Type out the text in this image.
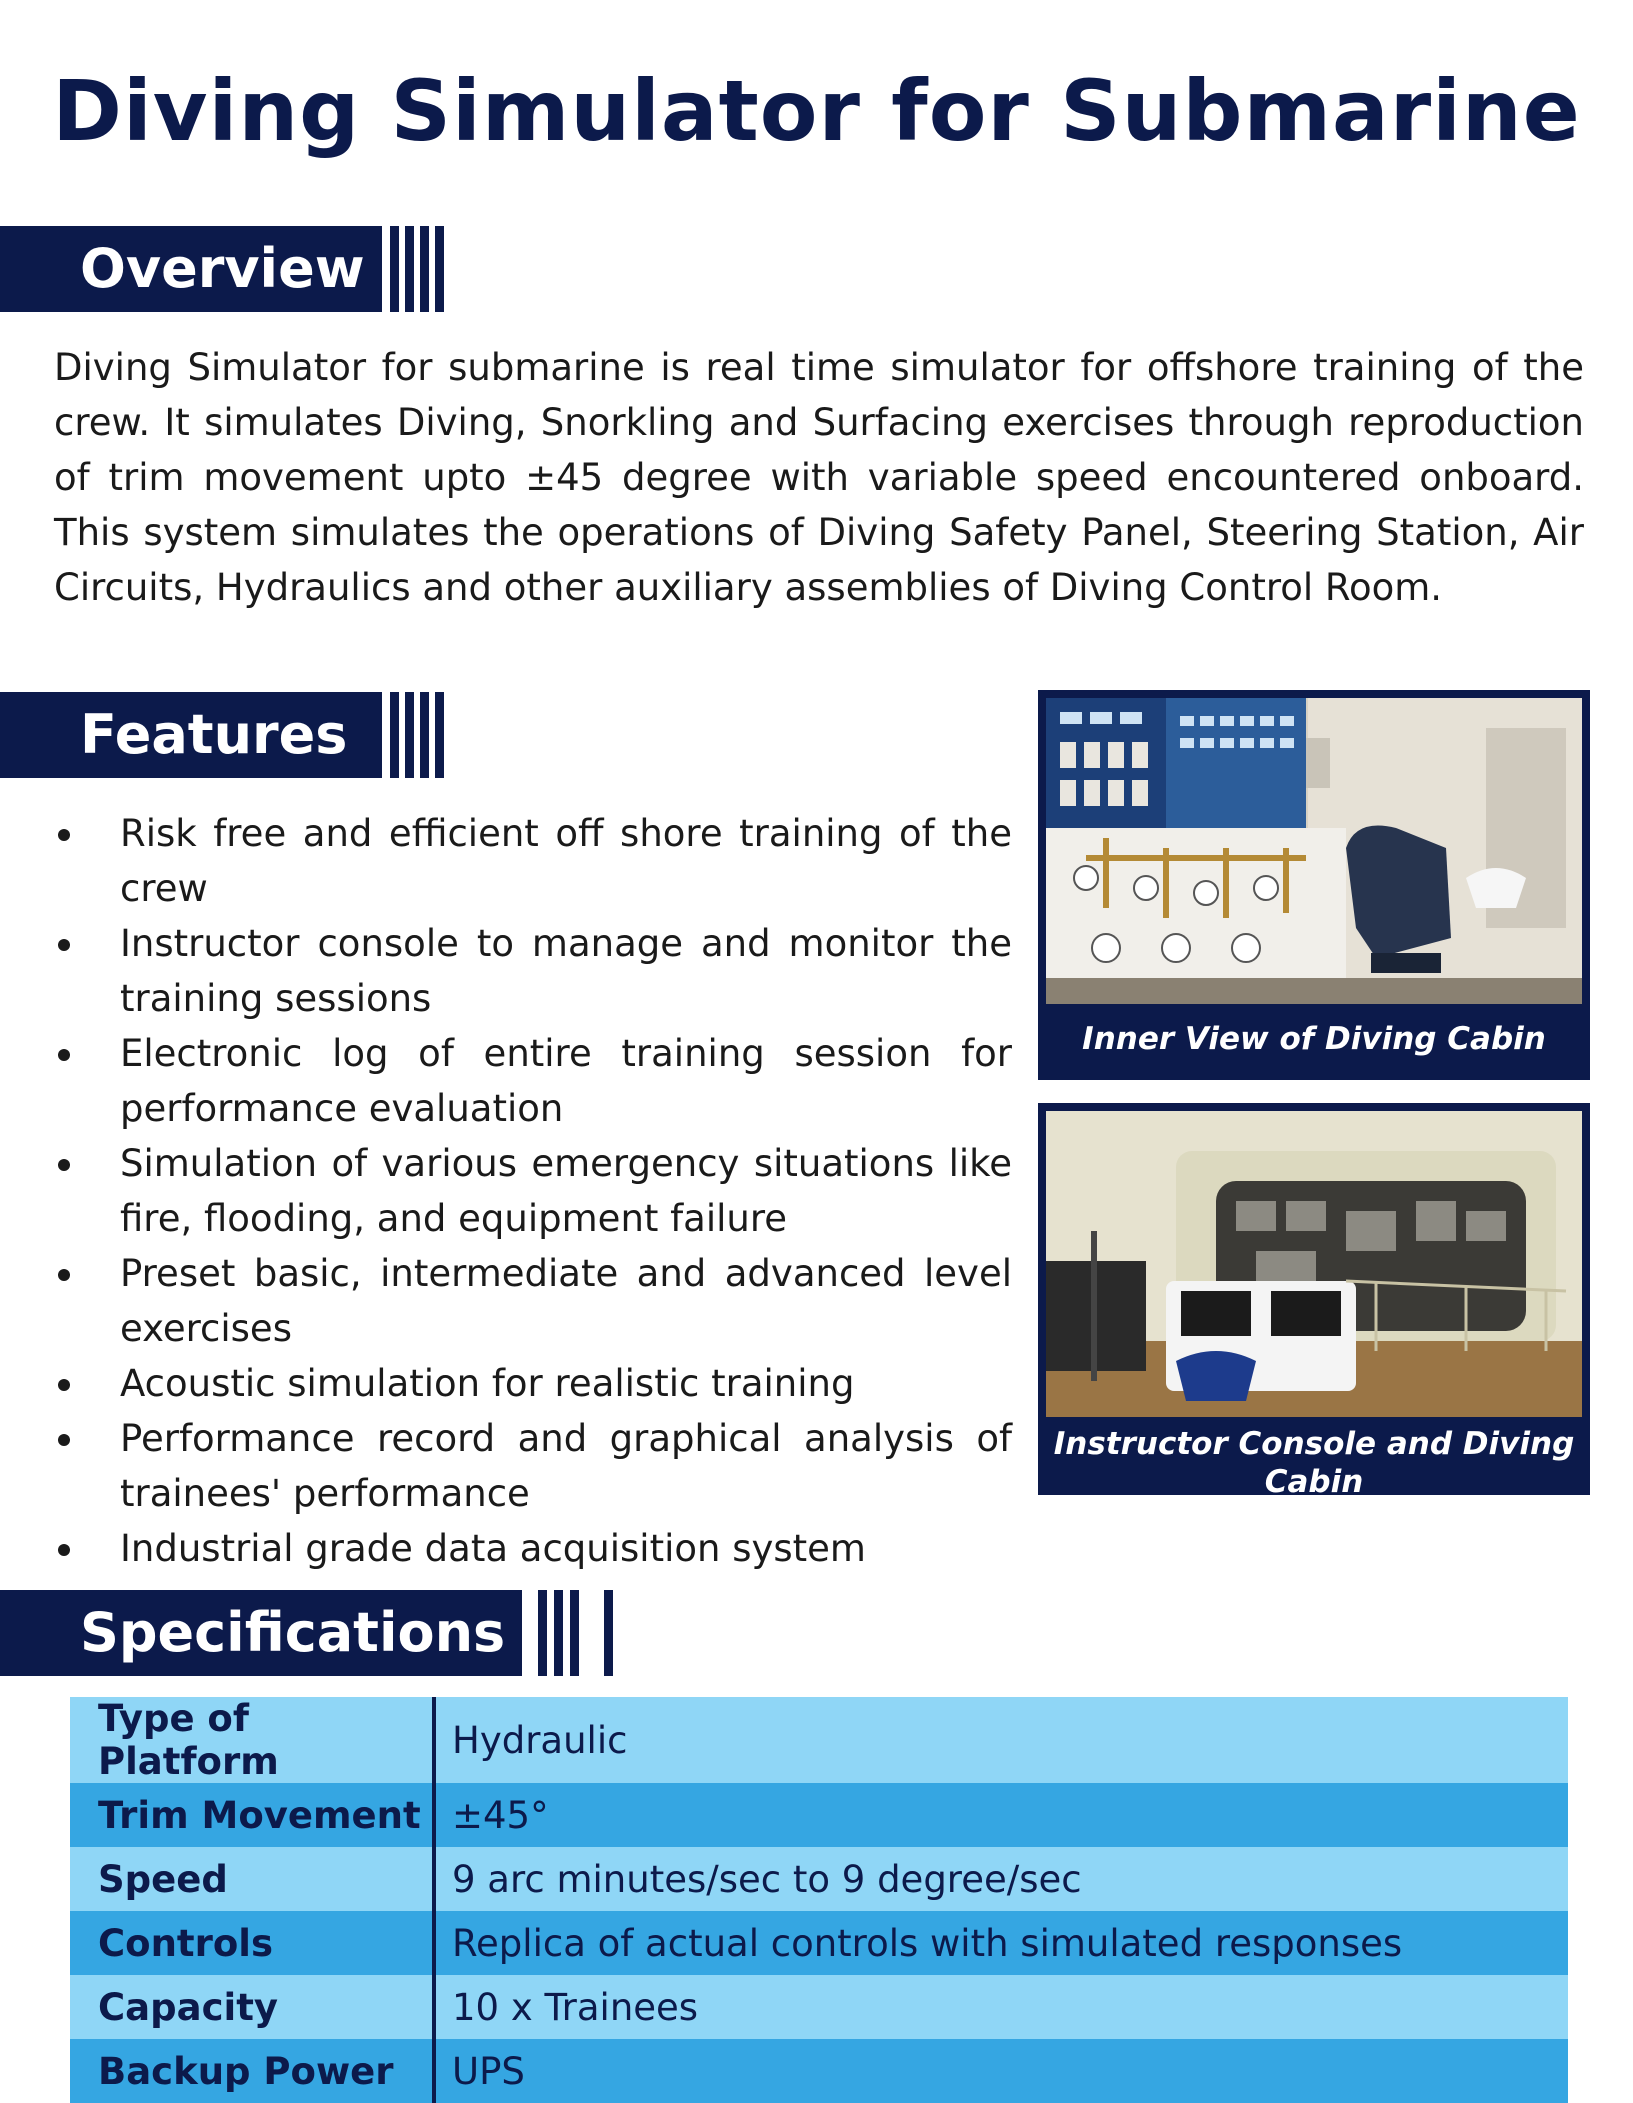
Diving Simulator for Submarine
Overview

Diving Simulator for submarine is real time simulator for offshore training of the crew. It simulates Diving, Snorkling and Surfacing exercises through reproduction of trim movement upto ±45 degree with variable speed encountered onboard. This system simulates the operations of Diving Safety Panel, Steering Station, Air Circuits, Hydraulics and other auxiliary assemblies of Diving Control Room.

Features
Risk free and efficient off shore training of the crew
Instructor console to manage and monitor the training sessions
Electronic log of entire training session for performance evaluation
Simulation of various emergency situations like fire, flooding, and equipment failure
Preset basic, intermediate and advanced level exercises
Acoustic simulation for realistic training
Performance record and graphical analysis of trainees' performance
Industrial grade data acquisition system
Inner View of Diving Cabin
Instructor Console and Diving Cabin
Specifications
Type of Platform	Hydraulic
Trim Movement	±45°
Speed	9 arc minutes/sec to 9 degree/sec
Controls	Replica of actual controls with simulated responses
Capacity	10 x Trainees
Backup Power	UPS
